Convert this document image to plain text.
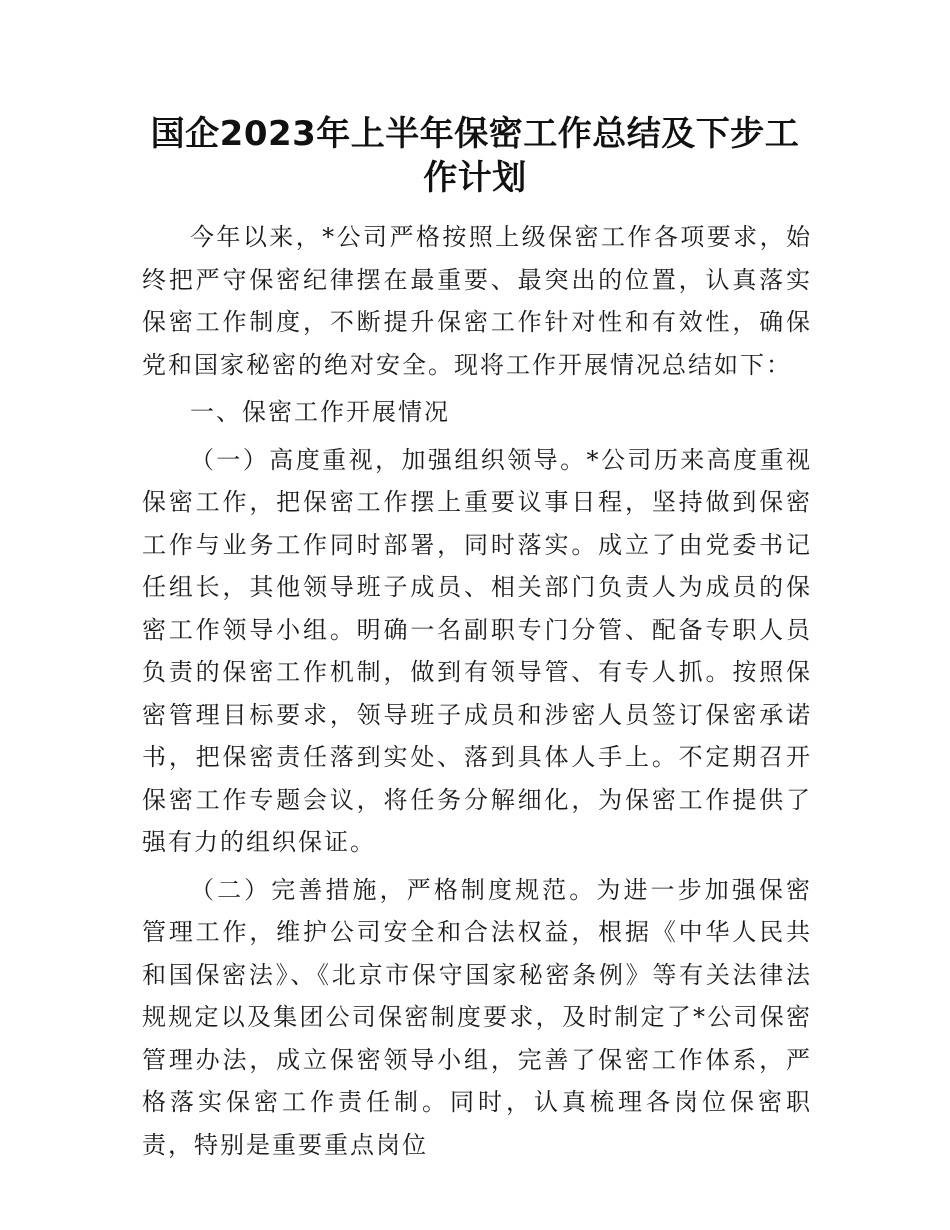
国企2023年上半年保密工作总结及下步工作计划

今年以来，*公司严格按照上级保密工作各项要求，始终把严守保密纪律摆在最重要、最突出的位置，认真落实保密工作制度，不断提升保密工作针对性和有效性，确保党和国家秘密的绝对安全。现将工作开展情况总结如下：

一、保密工作开展情况

（一）高度重视，加强组织领导。*公司历来高度重视保密工作，把保密工作摆上重要议事日程，坚持做到保密工作与业务工作同时部署，同时落实。成立了由党委书记任组长，其他领导班子成员、相关部门负责人为成员的保密工作领导小组。明确一名副职专门分管、配备专职人员负责的保密工作机制，做到有领导管、有专人抓。按照保密管理目标要求，领导班子成员和涉密人员签订保密承诺书，把保密责任落到实处、落到具体人手上。不定期召开保密工作专题会议，将任务分解细化，为保密工作提供了强有力的组织保证。

（二）完善措施，严格制度规范。为进一步加强保密管理工作，维护公司安全和合法权益，根据《中华人民共和国保密法》、《北京市保守国家秘密条例》等有关法律法规规定以及集团公司保密制度要求，及时制定了*公司保密管理办法，成立保密领导小组，完善了保密工作体系，严格落实保密工作责任制。同时，认真梳理各岗位保密职责，特别是重要重点岗位
